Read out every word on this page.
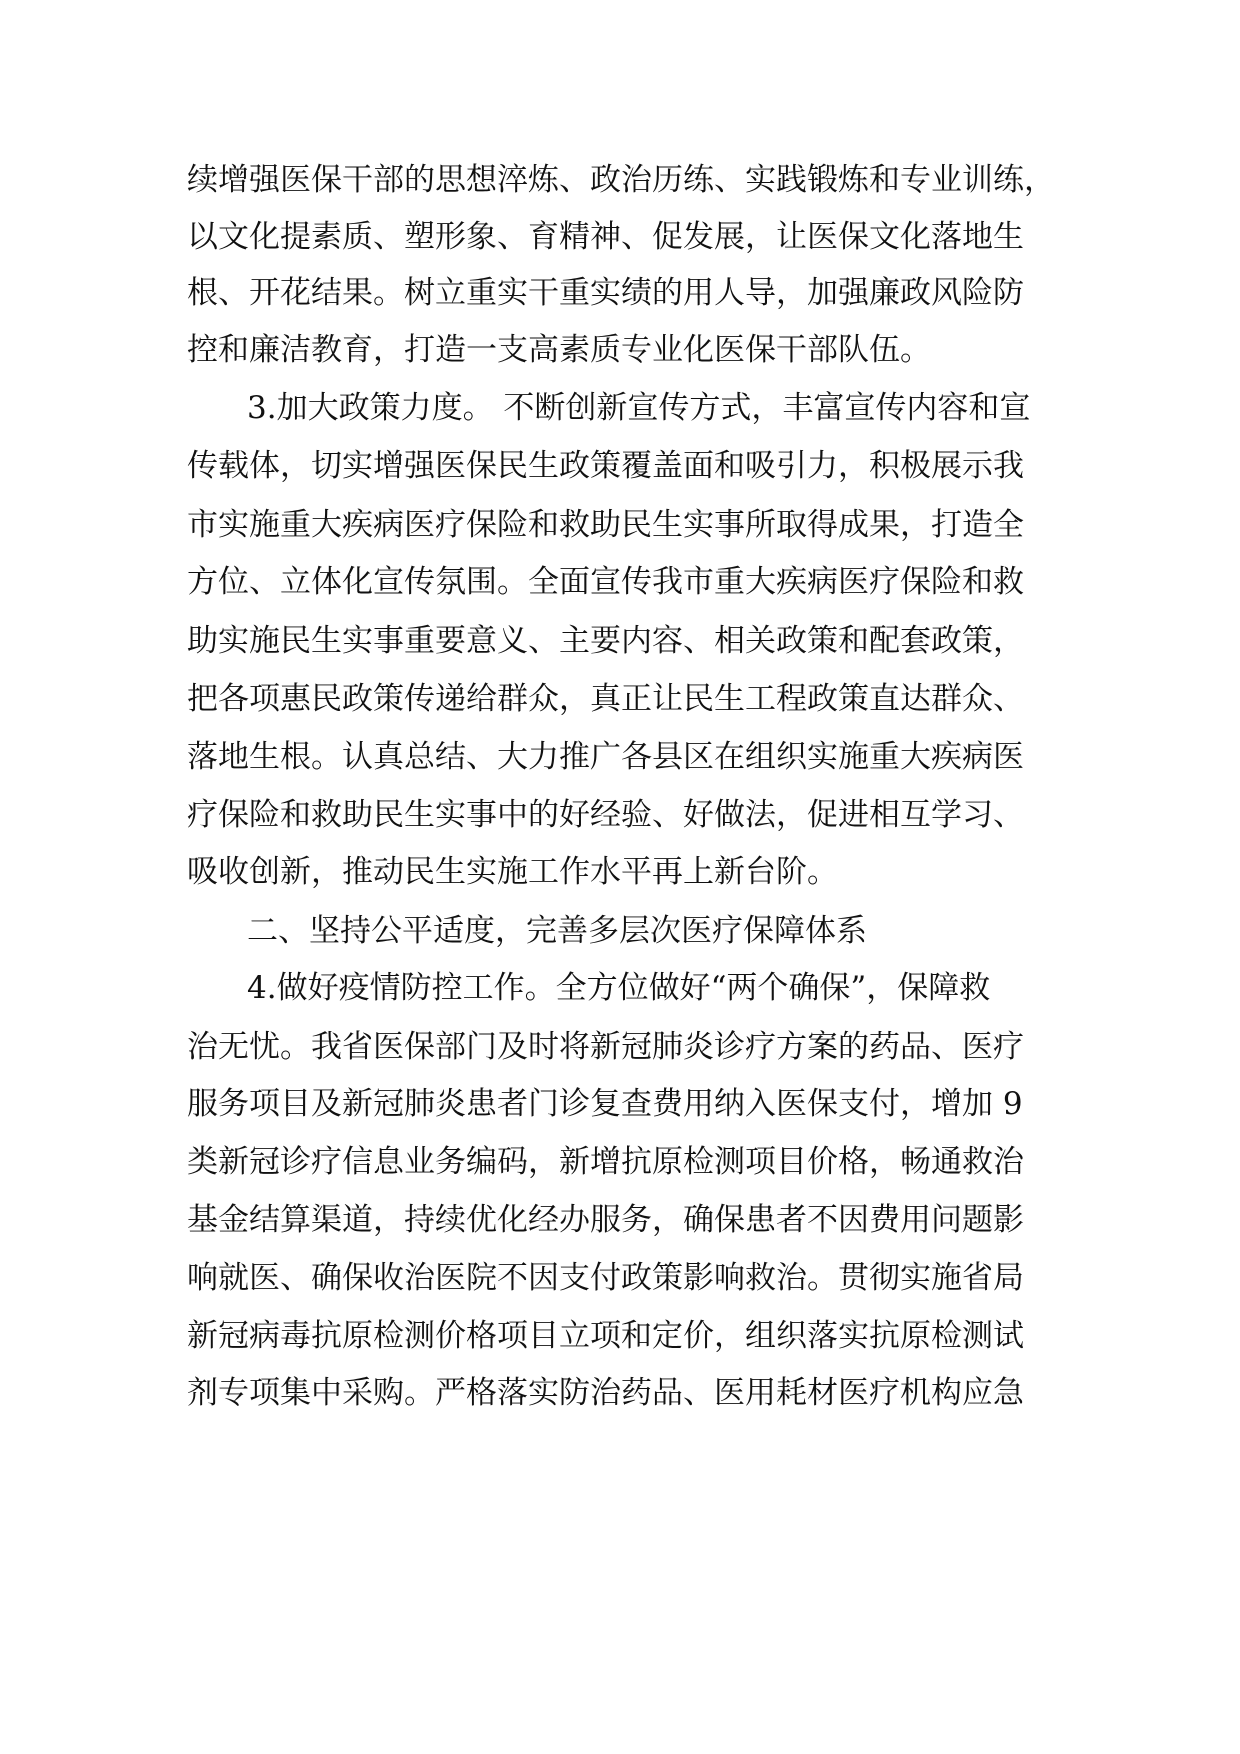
续增强医保干部的思想淬炼、政治历练、实践锻炼和专业训练，
以文化提素质、塑形象、育精神、促发展，让医保文化落地生
根、开花结果。树立重实干重实绩的用人导，加强廉政风险防
控和廉洁教育，打造一支高素质专业化医保干部队伍。
3.加大政策力度。 不断创新宣传方式，丰富宣传内容和宣
传载体，切实增强医保民生政策覆盖面和吸引力，积极展示我
市实施重大疾病医疗保险和救助民生实事所取得成果，打造全
方位、立体化宣传氛围。全面宣传我市重大疾病医疗保险和救
助实施民生实事重要意义、主要内容、相关政策和配套政策，
把各项惠民政策传递给群众，真正让民生工程政策直达群众、
落地生根。认真总结、大力推广各县区在组织实施重大疾病医
疗保险和救助民生实事中的好经验、好做法，促进相互学习、
吸收创新，推动民生实施工作水平再上新台阶。
二、坚持公平适度，完善多层次医疗保障体系
4.做好疫情防控工作。全方位做好“两个确保”，保障救
治无忧。我省医保部门及时将新冠肺炎诊疗方案的药品、医疗
服务项目及新冠肺炎患者门诊复查费用纳入医保支付，增加 9
类新冠诊疗信息业务编码，新增抗原检测项目价格，畅通救治
基金结算渠道，持续优化经办服务，确保患者不因费用问题影
响就医、确保收治医院不因支付政策影响救治。贯彻实施省局
新冠病毒抗原检测价格项目立项和定价，组织落实抗原检测试
剂专项集中采购。严格落实防治药品、医用耗材医疗机构应急
